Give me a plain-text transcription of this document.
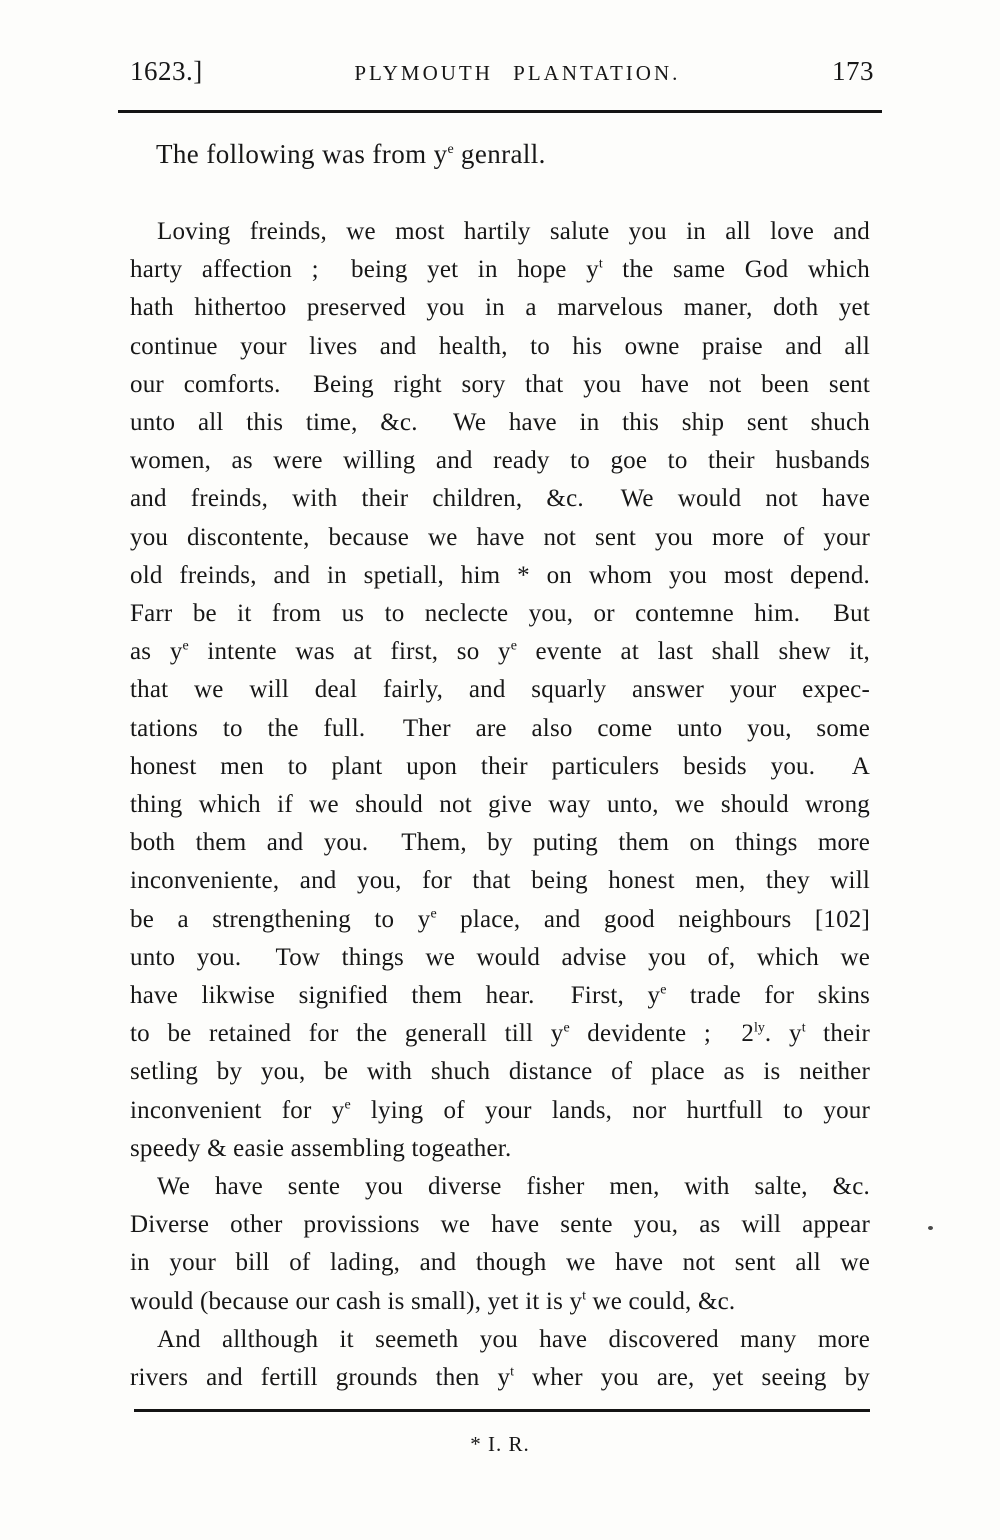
1623.]	PLYMOUTH PLANTATION.	173
The following was from $y^e$ genrall.
Loving freinds, we most hartily salute you in all love and
harty affection ;  being yet in hope $y^t$ the same God which
hath hithertoo preserved you in a marvelous maner, doth yet
continue your lives and health, to his owne praise and all
our comforts.  Being right sory that you have not been sent
unto all this time, &c.  We have in this ship sent shuch
women, as were willing and ready to goe to their husbands
and freinds, with their children, &c.  We would not have
you discontente, because we have not sent you more of your
old freinds, and in spetiall, him * on whom you most depend.
Farr be it from us to neclecte you, or contemne him.  But
as $y^e$ intente was at first, so $y^e$ evente at last shall shew it,
that we will deal fairly, and squarly answer your expec-
tations to the full.  Ther are also come unto you, some
honest men to plant upon their particulers besids you.  A
thing which if we should not give way unto, we should wrong
both them and you.  Them, by puting them on things more
inconveniente, and you, for that being honest men, they will
be a strengthening to $y^e$ place, and good neighbours [102]
unto you.  Tow things we would advise you of, which we
have likwise signified them hear.  First, $y^e$ trade for skins
to be retained for the generall till $y^e$ devidente ;  $2^{ly}$. $y^t$ their
setling by you, be with shuch distance of place as is neither
inconvenient for $y^e$ lying of your lands, nor hurtfull to your
speedy & easie assembling togeather.
We have sente you diverse fisher men, with salte, &c.
Diverse other provissions we have sente you, as will appear
in your bill of lading, and though we have not sent all we
would (because our cash is small), yet it is $y^t$ we could, &c.
And allthough it seemeth you have discovered many more
rivers and fertill grounds then $y^t$ wher you are, yet seeing by
* I. R.
